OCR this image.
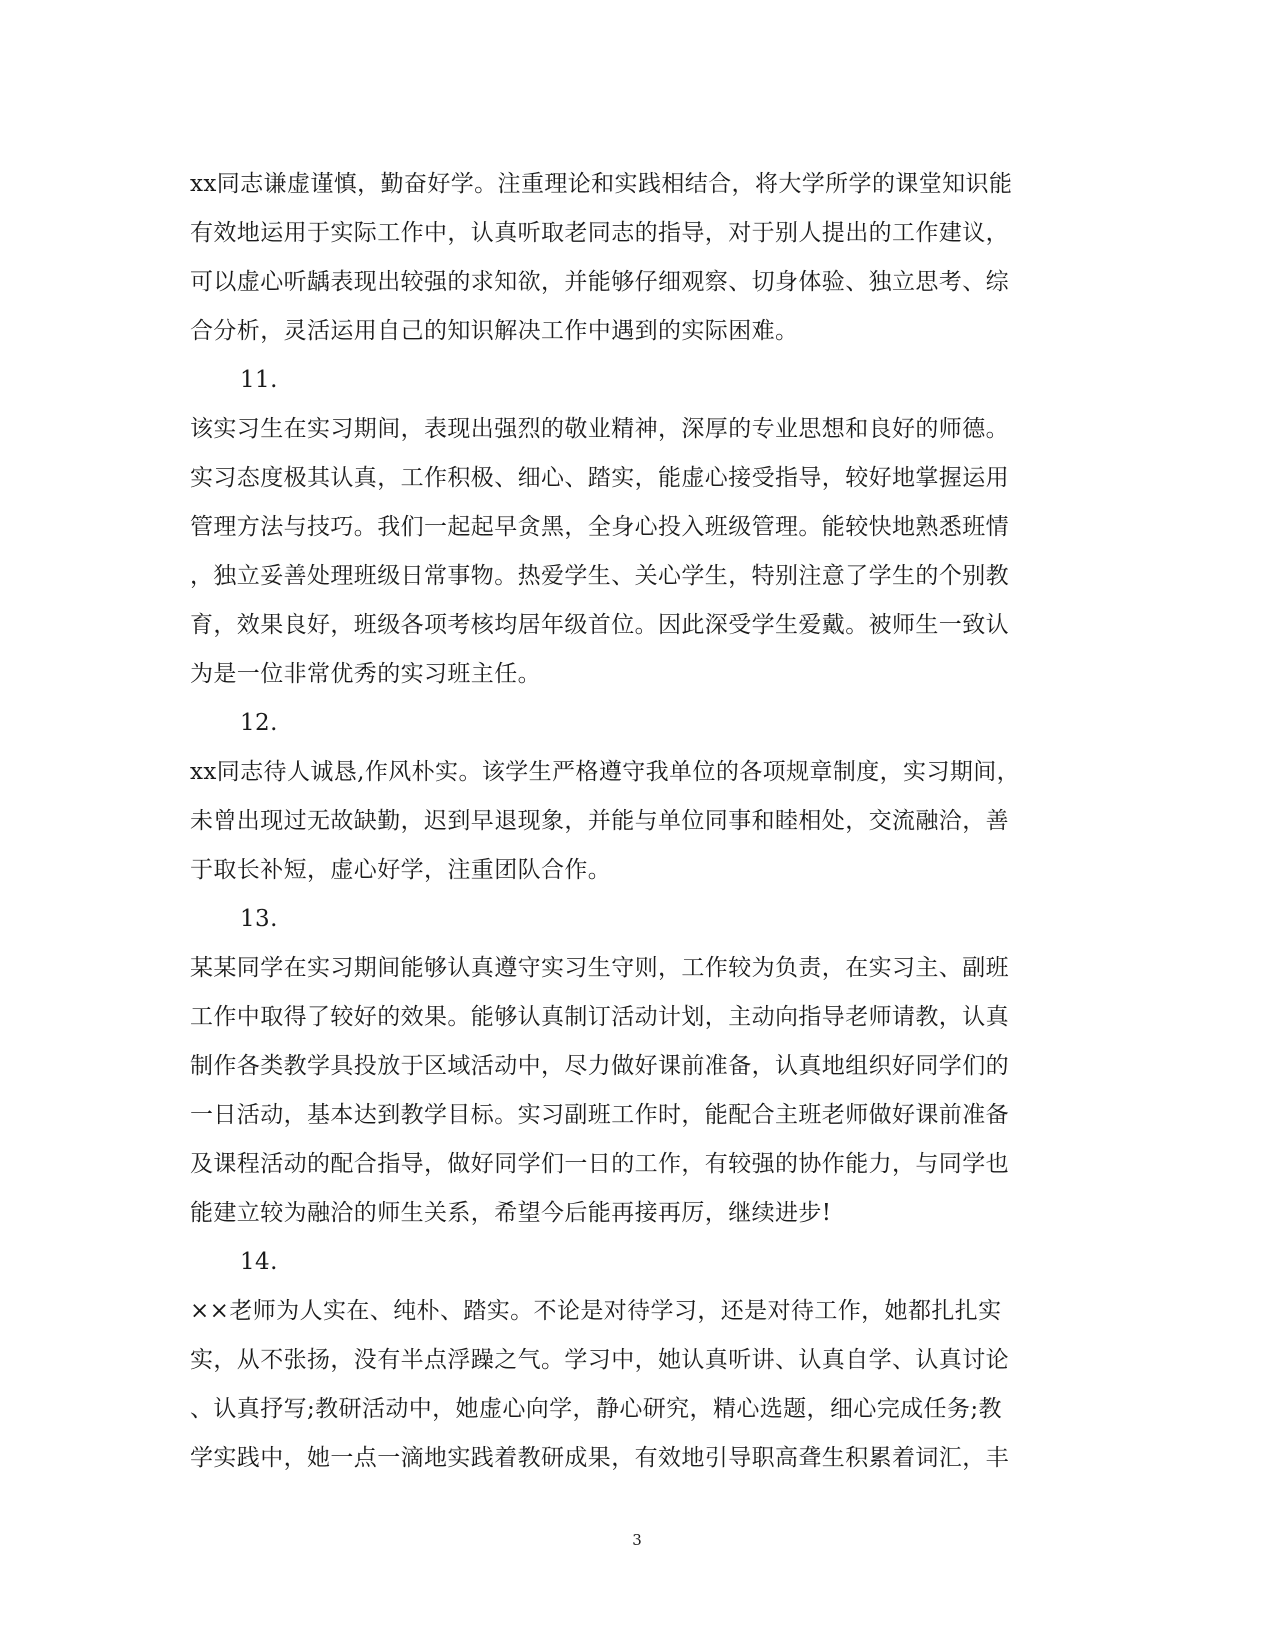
xx同志谦虚谨慎，勤奋好学。注重理论和实践相结合，将大学所学的课堂知识能
有效地运用于实际工作中，认真听取老同志的指导，对于别人提出的工作建议，
可以虚心听龋表现出较强的求知欲，并能够仔细观察、切身体验、独立思考、综
合分析，灵活运用自己的知识解决工作中遇到的实际困难。
11.
该实习生在实习期间，表现出强烈的敬业精神，深厚的专业思想和良好的师德。
实习态度极其认真，工作积极、细心、踏实，能虚心接受指导，较好地掌握运用
管理方法与技巧。我们一起起早贪黑，全身心投入班级管理。能较快地熟悉班情
，独立妥善处理班级日常事物。热爱学生、关心学生，特别注意了学生的个别教
育，效果良好，班级各项考核均居年级首位。因此深受学生爱戴。被师生一致认
为是一位非常优秀的实习班主任。
12.
xx同志待人诚恳,作风朴实。该学生严格遵守我单位的各项规章制度，实习期间，
未曾出现过无故缺勤，迟到早退现象，并能与单位同事和睦相处，交流融洽，善
于取长补短，虚心好学，注重团队合作。
13.
某某同学在实习期间能够认真遵守实习生守则，工作较为负责，在实习主、副班
工作中取得了较好的效果。能够认真制订活动计划，主动向指导老师请教，认真
制作各类教学具投放于区域活动中，尽力做好课前准备，认真地组织好同学们的
一日活动，基本达到教学目标。实习副班工作时，能配合主班老师做好课前准备
及课程活动的配合指导，做好同学们一日的工作，有较强的协作能力，与同学也
能建立较为融洽的师生关系，希望今后能再接再厉，继续进步!
14.
××老师为人实在、纯朴、踏实。不论是对待学习，还是对待工作，她都扎扎实
实，从不张扬，没有半点浮躁之气。学习中，她认真听讲、认真自学、认真讨论
、认真抒写;教研活动中，她虚心向学，静心研究，精心选题，细心完成任务;教
学实践中，她一点一滴地实践着教研成果，有效地引导职高聋生积累着词汇，丰
3
